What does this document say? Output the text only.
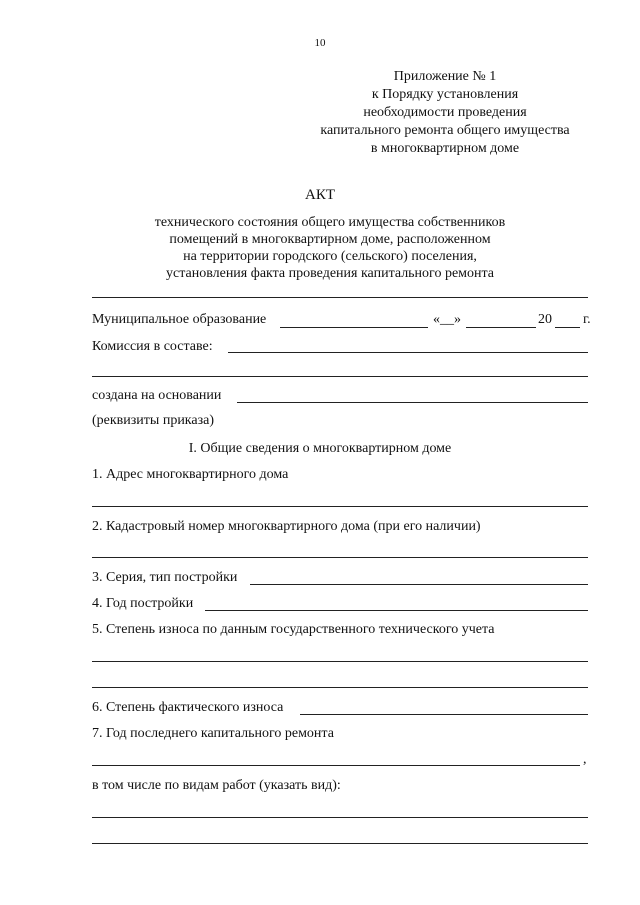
10
Приложение № 1
к Порядку установления
необходимости проведения
капитального ремонта общего имущества
в многоквартирном доме
АКТ
технического состояния общего имущества собственников
помещений в многоквартирном доме, расположенном
на территории городского (сельского) поселения,
установления факта проведения капитального ремонта
Муниципальное образование	«__»	20 г.
Комиссия в составе:
создана на основании
(реквизиты приказа)
I. Общие сведения о многоквартирном доме
1. Адрес многоквартирного дома
2. Кадастровый номер многоквартирного дома (при его наличии)
3. Серия, тип постройки
4. Год постройки
5. Степень износа по данным государственного технического учета
6. Степень фактического износа
7. Год последнего капитального ремонта
,
в том числе по видам работ (указать вид):
